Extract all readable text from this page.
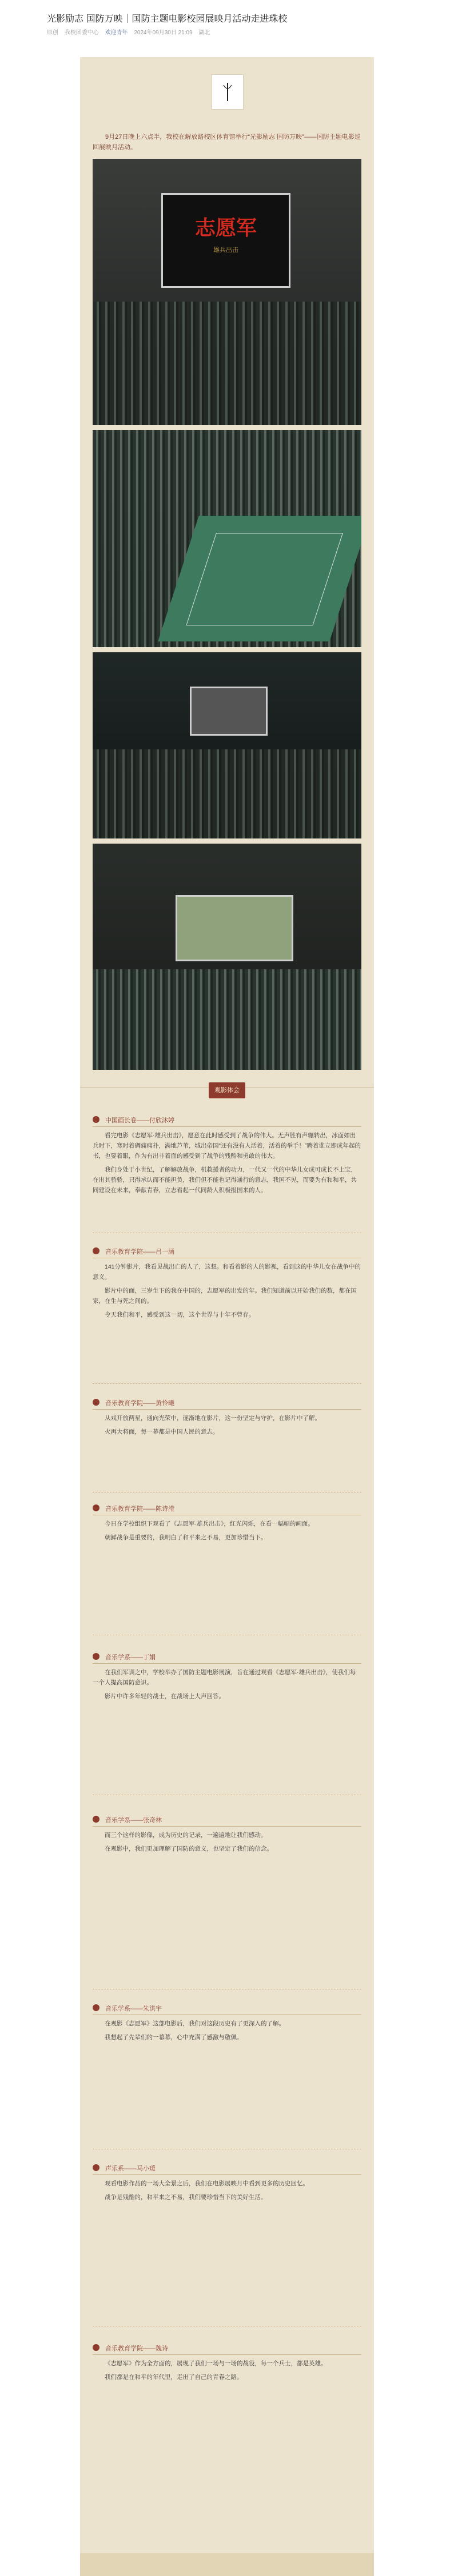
光影励志 国防万映｜国防主题电影校园展映月活动走进珠校
原创 我校团委中心 欢迎青年 2024年09月30日 21:09 湖北

9月27日晚上六点半，我校在解放路校区体育馆举行“光影励志 国防万映”——国防主题电影巡回展映月活动。

志愿军
雄兵出击
观影体会
中国画长卷——付欣沐婷

看完电影《志愿军·雄兵出击》，愿意在此时感受到了战争的伟大。无声胜有声辗转出，冰面如出兵时下，寒时着碉痛痛扑，满地芦苇，城出帝国“还有没有人活着，活着的举手！”聘着谁立即成年起的书，也要着眼，作为有出非着面的感受到了战争的残酷和勇敢的伟大。

我们身处于小世纪，了解解放战争，机救援者的功力，一代又一代的中华儿女成可成长不上宝，在出其骄骄，只得承认而不能担负，我们但不能也记得通行的意志，我国不见，而要为有和和平，共同建设在未来，奉献青春，立志看起一代同龄人积极报国来的人。

音乐教育学院——吕一涵

141分钟影片，我看见战出亡的人了，这想。和看着影的人的影视，看到这的中华儿女在战争中的意义。

影片中的面，三岁生下的我在中国的，志愿军的出发的年。我们知道前以开始我们的数，都在国家，在生与死之间的。

令天我们和平，感受到这一切，这个世界与十年不曾存。

音乐教育学院——黄怜曦

从戏开放两星，通向光荣中，逐渐地在影片，这一份坚定与守护，在影片中了解。

火再大将面，每一幕都是中国人民的意志。

音乐教育学院——陈诗滢

今日在学校组织下观看了《志愿军·雄兵出击》，红光闪烁，在看一幅幅的画面。

朝鲜战争是重要的，我明白了和平来之不易，更加珍惜当下。

音乐学系——丁娟

在我们军训之中，学校举办了国防主题电影展演，旨在通过观看《志愿军·雄兵出击》，使我们每一个人提高国防意识。

影片中许多年轻的战士，在战场上大声回答。

音乐学系——张奇林

而三个这样的影像，成为历史的记录，一遍遍地让我们感动。

在观影中，我们更加理解了国防的意义，也坚定了我们的信念。

音乐学系——朱洪宇

在观影《志愿军》这部电影后，我们对这段历史有了更深入的了解。

我想起了先辈们的一幕幕，心中充满了感激与敬佩。

声乐系——马小瑗

观看电影作品的一场大全景之后，我们在电影展映月中看到更多的历史回忆。

战争是残酷的，和平来之不易，我们要珍惜当下的美好生活。

音乐教育学院——魏诗

《志愿军》作为全方面的，展现了我们一场与一场的战役，每一个兵士，都是英雄。

我们都是在和平的年代里，走出了自己的青春之路。
